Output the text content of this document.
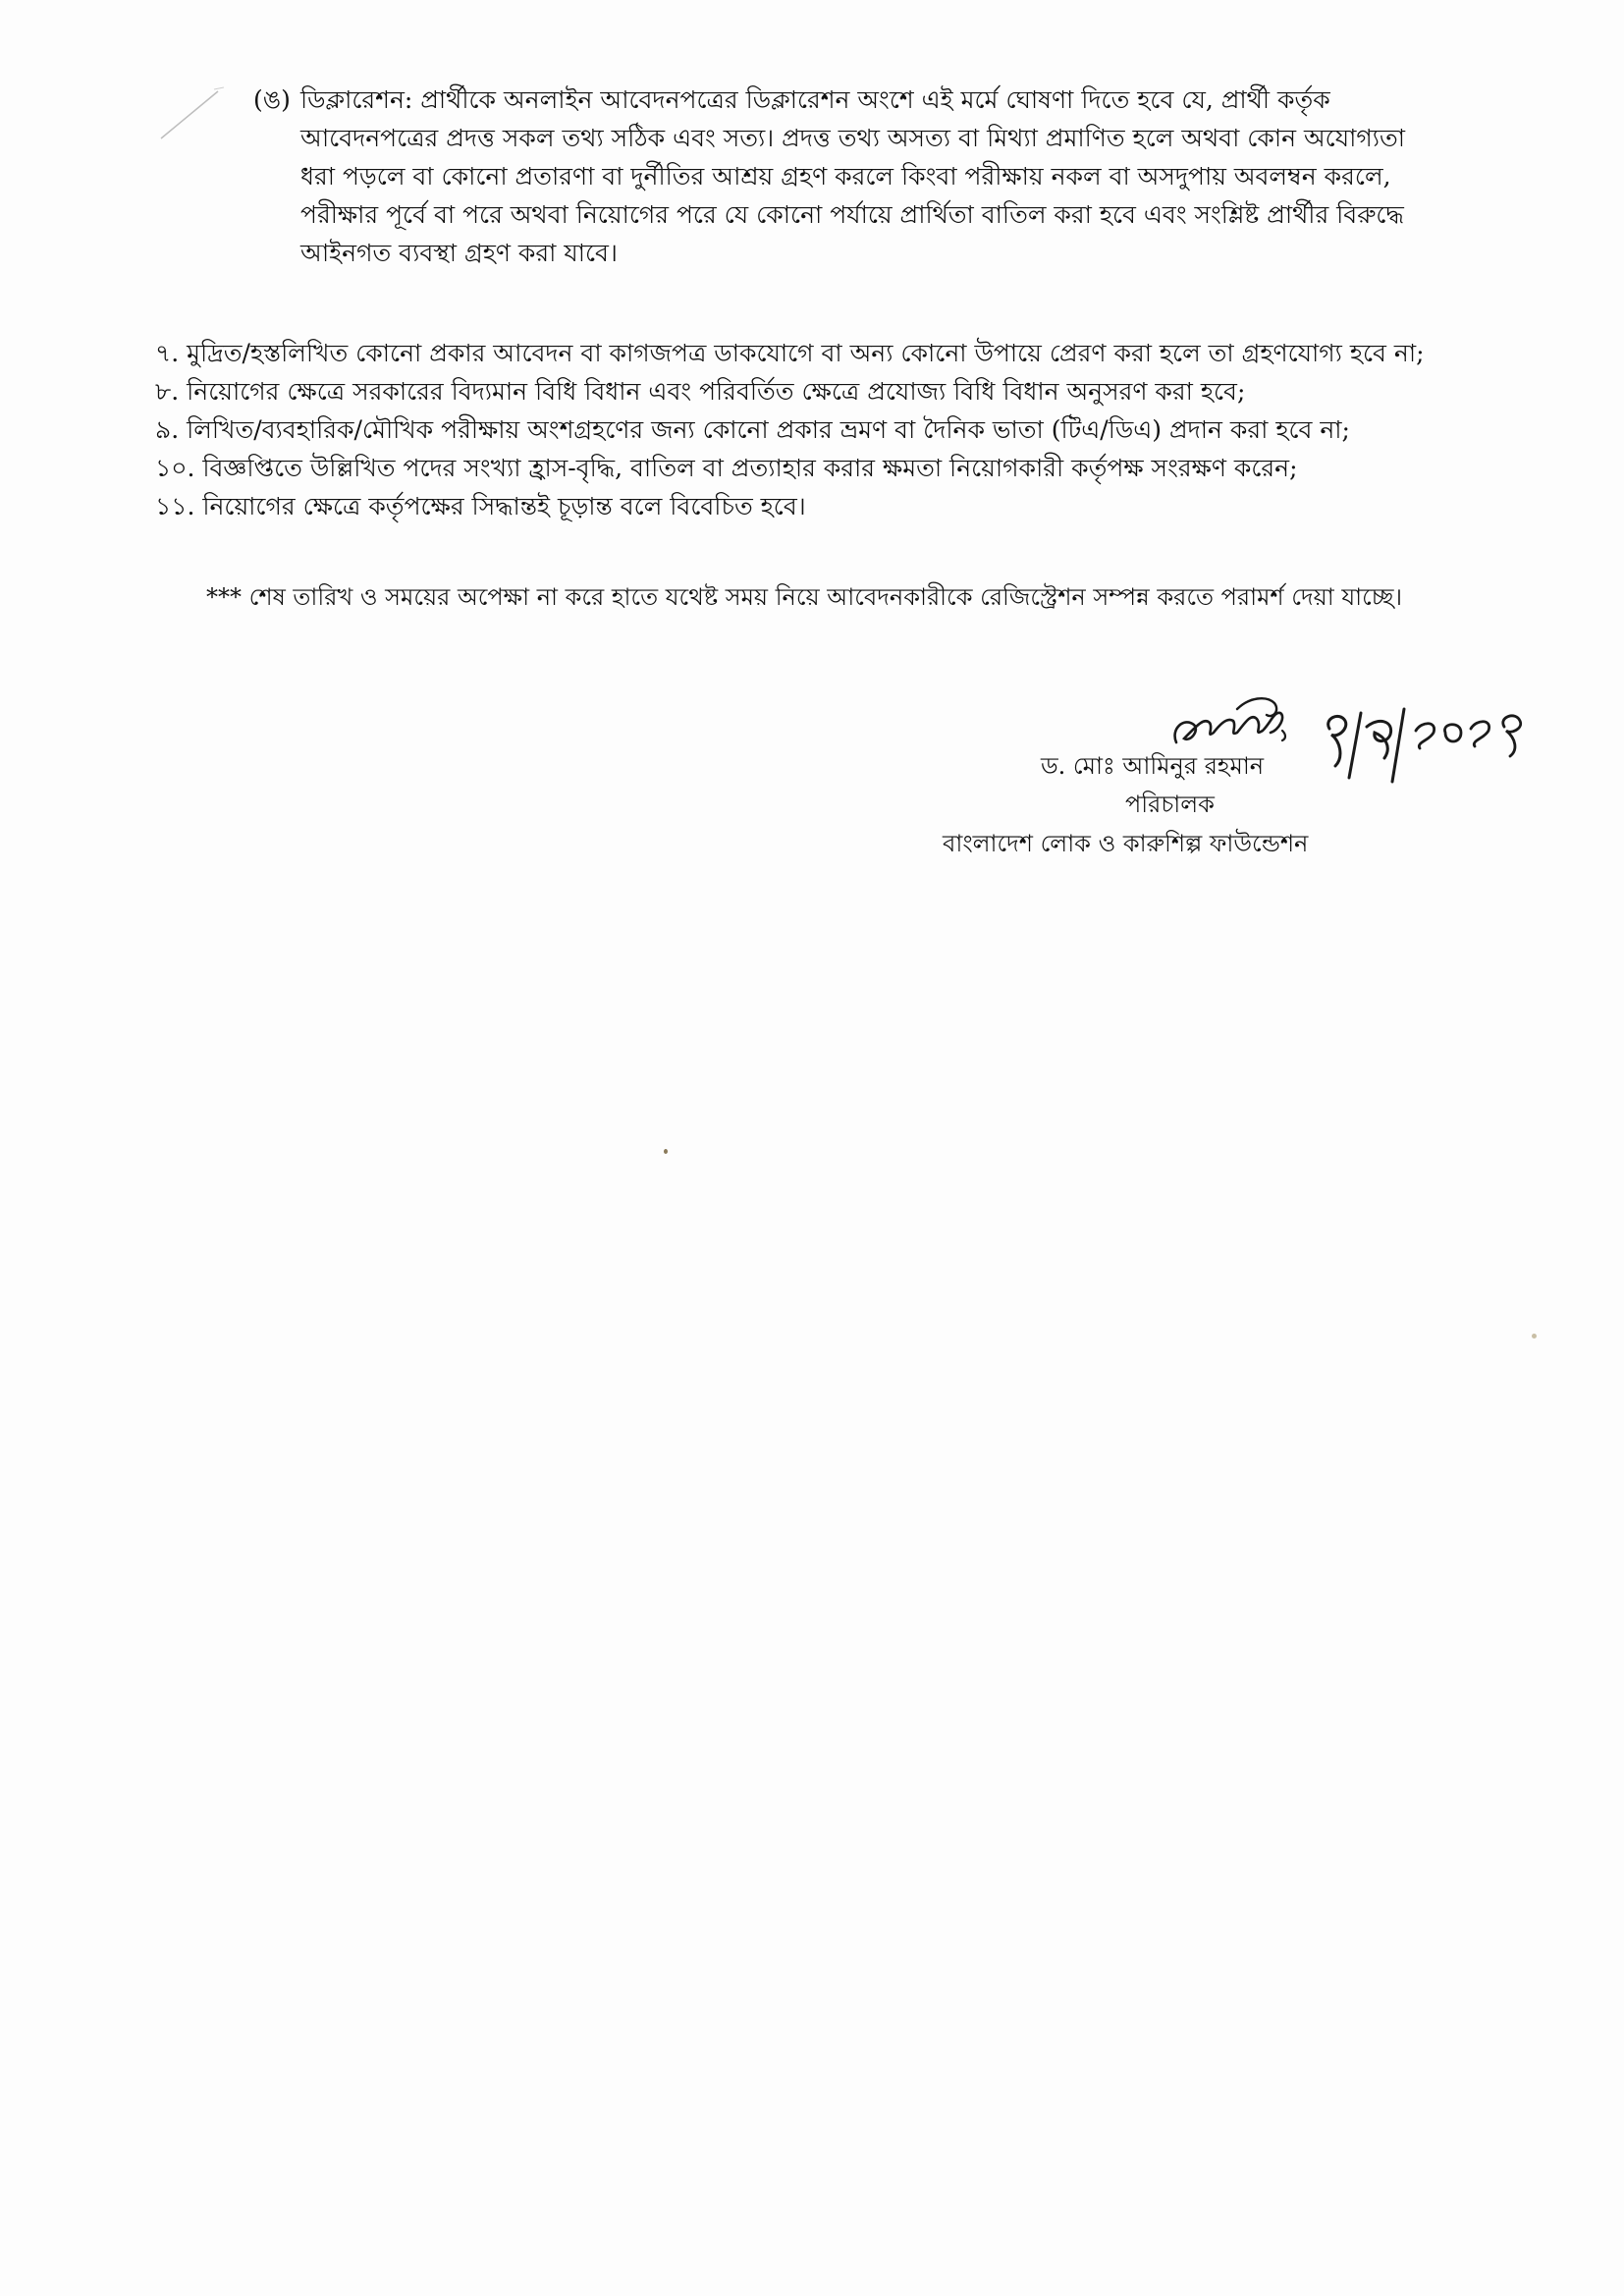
(ঙ) ডিক্লারেশন: প্রার্থীকে অনলাইন আবেদনপত্রের ডিক্লারেশন অংশে এই মর্মে ঘোষণা দিতে হবে যে, প্রার্থী কর্তৃক
আবেদনপত্রের প্রদত্ত সকল তথ্য সঠিক এবং সত্য। প্রদত্ত তথ্য অসত্য বা মিথ্যা প্রমাণিত হলে অথবা কোন অযোগ্যতা
ধরা পড়লে বা কোনো প্রতারণা বা দুর্নীতির আশ্রয় গ্রহণ করলে কিংবা পরীক্ষায় নকল বা অসদুপায় অবলম্বন করলে,
পরীক্ষার পূর্বে বা পরে অথবা নিয়োগের পরে যে কোনো পর্যায়ে প্রার্থিতা বাতিল করা হবে এবং সংশ্লিষ্ট প্রার্থীর বিরুদ্ধে
আইনগত ব্যবস্থা গ্রহণ করা যাবে।
৭. মুদ্রিত/হস্তলিখিত কোনো প্রকার আবেদন বা কাগজপত্র ডাকযোগে বা অন্য কোনো উপায়ে প্রেরণ করা হলে তা গ্রহণযোগ্য হবে না;
৮. নিয়োগের ক্ষেত্রে সরকারের বিদ্যমান বিধি বিধান এবং পরিবর্তিত ক্ষেত্রে প্রযোজ্য বিধি বিধান অনুসরণ করা হবে;
৯. লিখিত/ব্যবহারিক/মৌখিক পরীক্ষায় অংশগ্রহণের জন্য কোনো প্রকার ভ্রমণ বা দৈনিক ভাতা (টিএ/ডিএ) প্রদান করা হবে না;
১০. বিজ্ঞপ্তিতে উল্লিখিত পদের সংখ্যা হ্রাস-বৃদ্ধি, বাতিল বা প্রত্যাহার করার ক্ষমতা নিয়োগকারী কর্তৃপক্ষ সংরক্ষণ করেন;
১১. নিয়োগের ক্ষেত্রে কর্তৃপক্ষের সিদ্ধান্তই চূড়ান্ত বলে বিবেচিত হবে।
*** শেষ তারিখ ও সময়ের অপেক্ষা না করে হাতে যথেষ্ট সময় নিয়ে আবেদনকারীকে রেজিস্ট্রেশন সম্পন্ন করতে পরামর্শ দেয়া যাচ্ছে।
ড. মোঃ আমিনুর রহমান
পরিচালক
বাংলাদেশ লোক ও কারুশিল্প ফাউন্ডেশন
